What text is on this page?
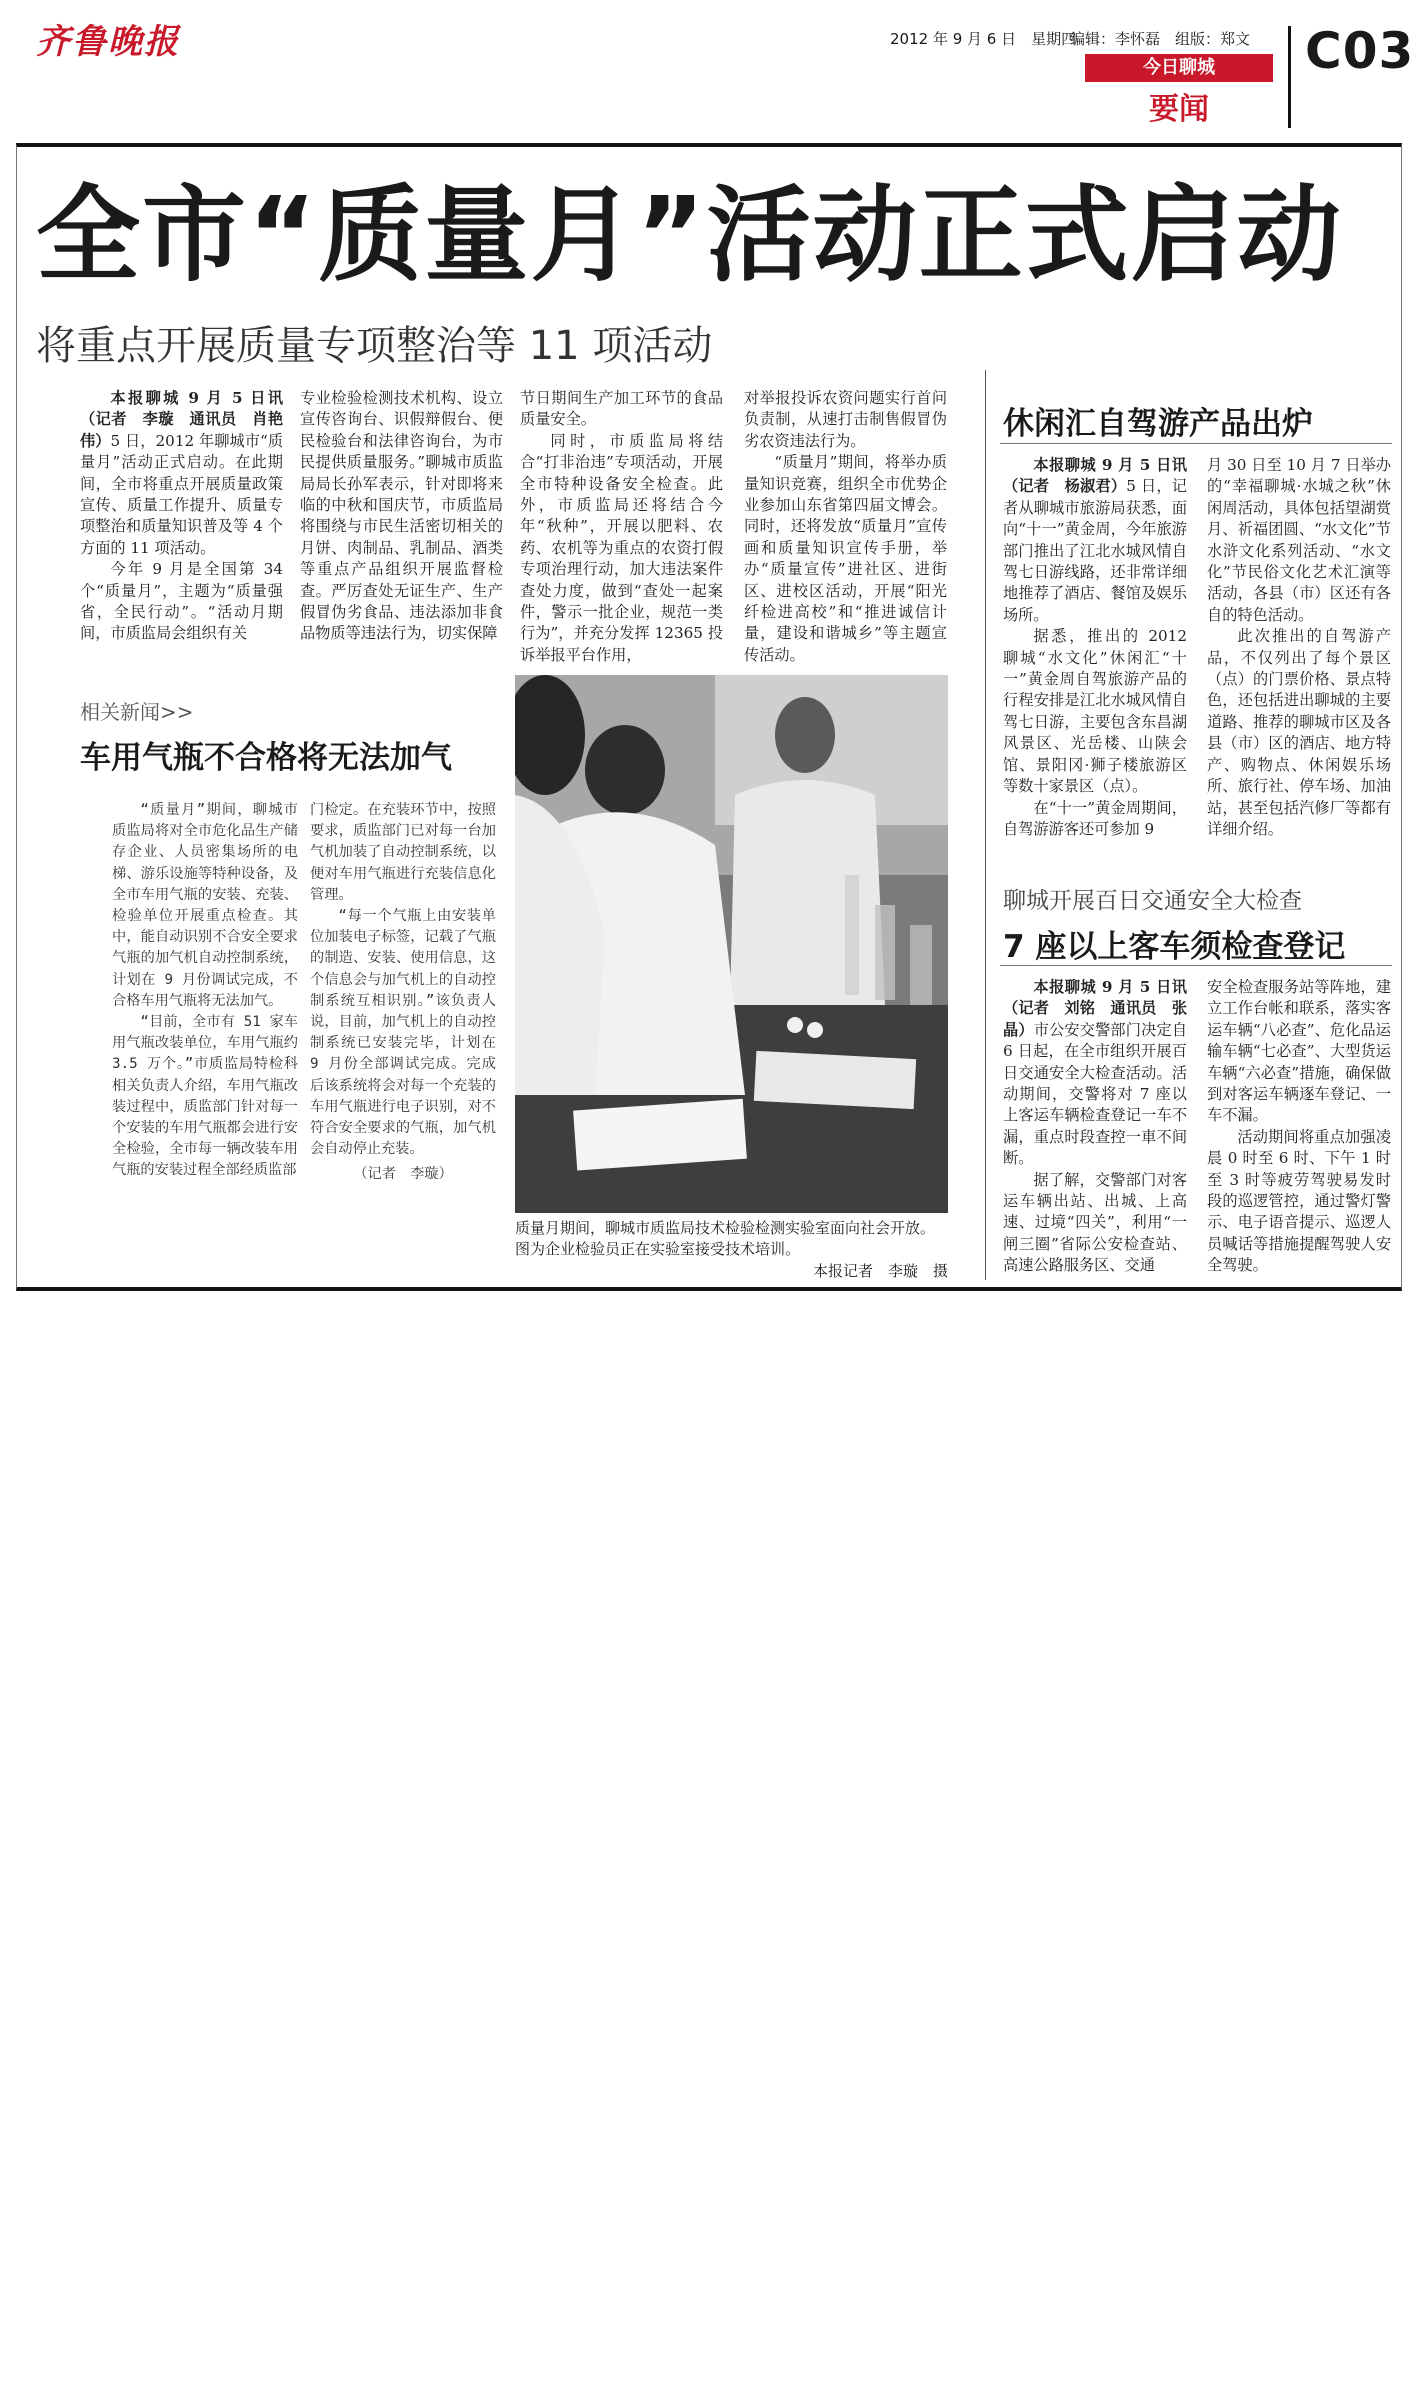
齐鲁晚报	2012 年 9 月 6 日　星期四
编辑：李怀磊　组版：郑文
今日聊城
要闻
C03
全市“质量月”活动正式启动
将重点开展质量专项整治等 11 项活动

本报聊城 9 月 5 日讯（记者　李璇　通讯员　肖艳伟）5 日，2012 年聊城市“质量月”活动正式启动。在此期间，全市将重点开展质量政策宣传、质量工作提升、质量专项整治和质量知识普及等 4 个方面的 11 项活动。

今年 9 月是全国第 34 个“质量月”，主题为“质量强省，全民行动”。“活动月期间，市质监局会组织有关

专业检验检测技术机构、设立宣传咨询台、识假辩假台、便民检验台和法律咨询台，为市民提供质量服务。”聊城市质监局局长孙军表示，针对即将来临的中秋和国庆节，市质监局将围绕与市民生活密切相关的月饼、肉制品、乳制品、酒类等重点产品组织开展监督检查。严厉查处无证生产、生产假冒伪劣食品、违法添加非食品物质等违法行为，切实保障

节日期间生产加工环节的食品质量安全。

同时，市质监局将结合“打非治违”专项活动，开展全市特种设备安全检查。此外，市质监局还将结合今年“秋种”，开展以肥料、农药、农机等为重点的农资打假专项治理行动，加大违法案件查处力度，做到“查处一起案件，警示一批企业，规范一类行为”，并充分发挥 12365 投诉举报平台作用，

对举报投诉农资问题实行首问负责制，从速打击制售假冒伪劣农资违法行为。

“质量月”期间，将举办质量知识竞赛，组织全市优势企业参加山东省第四届文博会。同时，还将发放“质量月”宣传画和质量知识宣传手册，举办“质量宣传”进社区、进街区、进校区活动，开展“阳光纤检进高校”和“推进诚信计量，建设和谐城乡”等主题宣传活动。

相关新闻>>
车用气瓶不合格将无法加气

“质量月”期间，聊城市质监局将对全市危化品生产储存企业、人员密集场所的电梯、游乐设施等特种设备，及全市车用气瓶的安装、充装、检验单位开展重点检查。其中，能自动识别不合安全要求气瓶的加气机自动控制系统，计划在 9 月份调试完成，不合格车用气瓶将无法加气。

“目前，全市有 51 家车用气瓶改装单位，车用气瓶约 3.5 万个。”市质监局特检科相关负责人介绍，车用气瓶改装过程中，质监部门针对每一个安装的车用气瓶都会进行安全检验，全市每一辆改装车用气瓶的安装过程全部经质监部

门检定。在充装环节中，按照要求，质监部门已对每一台加气机加装了自动控制系统，以便对车用气瓶进行充装信息化管理。

“每一个气瓶上由安装单位加装电子标签，记载了气瓶的制造、安装、使用信息，这个信息会与加气机上的自动控制系统互相识别。”该负责人说，目前，加气机上的自动控制系统已安装完毕，计划在 9 月份全部调试完成。完成后该系统将会对每一个充装的车用气瓶进行电子识别，对不符合安全要求的气瓶，加气机会自动停止充装。

（记者　李璇）
质量月期间，聊城市质监局技术检验检测实验室面向社会开放。图为企业检验员正在实验室接受技术培训。
本报记者　李璇　摄
休闲汇自驾游产品出炉

本报聊城 9 月 5 日讯（记者　杨淑君）5 日，记者从聊城市旅游局获悉，面向“十一”黄金周，今年旅游部门推出了江北水城风情自驾七日游线路，还非常详细地推荐了酒店、餐馆及娱乐场所。

据悉，推出的 2012 聊城“水文化”休闲汇“十一”黄金周自驾旅游产品的行程安排是江北水城风情自驾七日游，主要包含东昌湖风景区、光岳楼、山陕会馆、景阳冈·狮子楼旅游区等数十家景区（点）。

在“十一”黄金周期间，自驾游游客还可参加 9

月 30 日至 10 月 7 日举办的“幸福聊城·水城之秋”休闲周活动，具体包括望湖赏月、祈福团圆、“水文化”节水浒文化系列活动、“水文化”节民俗文化艺术汇演等活动，各县（市）区还有各自的特色活动。

此次推出的自驾游产品，不仅列出了每个景区（点）的门票价格、景点特色，还包括进出聊城的主要道路、推荐的聊城市区及各县（市）区的酒店、地方特产、购物点、休闲娱乐场所、旅行社、停车场、加油站，甚至包括汽修厂等都有详细介绍。

聊城开展百日交通安全大检查
7 座以上客车须检查登记

本报聊城 9 月 5 日讯（记者　刘铭　通讯员　张晶）市公安交警部门决定自 6 日起，在全市组织开展百日交通安全大检查活动。活动期间，交警将对 7 座以上客运车辆检查登记一车不漏，重点时段查控一車不间断。

据了解，交警部门对客运车辆出站、出城、上高速、过境“四关”，利用“一闸三圈”省际公安检查站、高速公路服务区、交通

安全检查服务站等阵地，建立工作台帐和联系，落实客运车辆“八必查”、危化品运输车辆“七必查”、大型货运车辆“六必查”措施，确保做到对客运车辆逐车登记、一车不漏。

活动期间将重点加强凌晨 0 时至 6 时、下午 1 时至 3 时等疲劳驾驶易发时段的巡逻管控，通过警灯警示、电子语音提示、巡逻人员喊话等措施提醒驾驶人安全驾驶。
